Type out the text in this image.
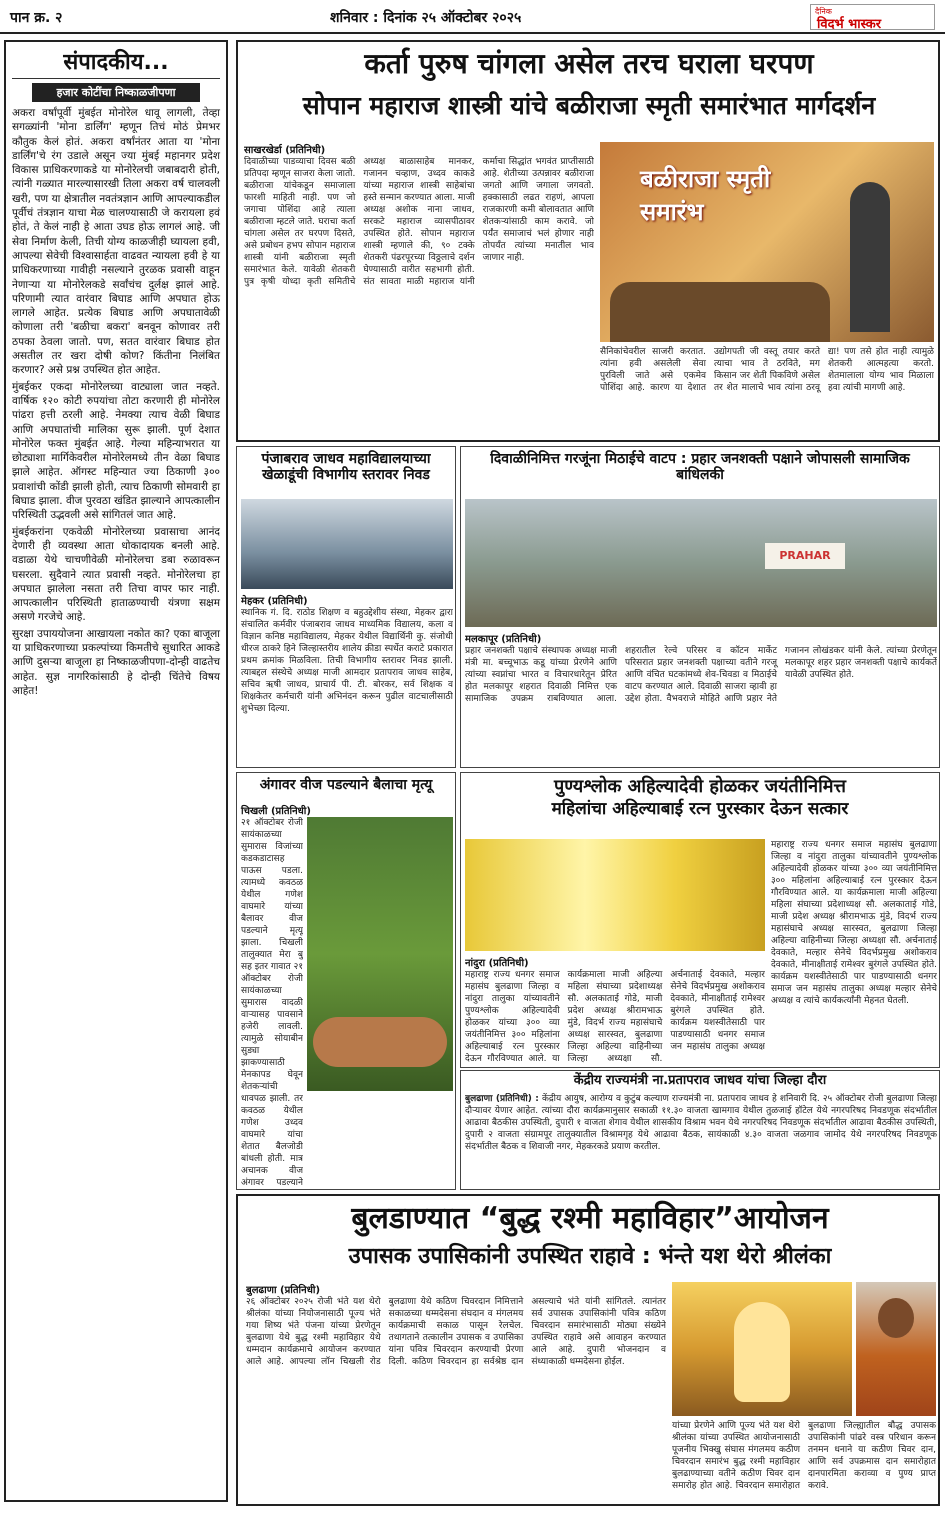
पान क्र. २	शनिवार : दिनांक २५ ऑक्टोबर २०२५	दैनिक
विदर्भ भास्कर
संपादकीय...
हजार कोटींचा निष्काळजीपणा

अकरा वर्षांपूर्वी मुंबईत मोनोरेल धावू लागली, तेव्हा सगळ्यांनी 'मोना डार्लिंग' म्हणून तिचं मोठं प्रेमभर कौतुक केलं होतं. अकरा वर्षांनंतर आता या 'मोना डार्लिंग'चे रंग उडाले असून ज्या मुंबई महानगर प्रदेश विकास प्राधिकरणाकडे या मोनोरेलची जबाबदारी होती, त्यांनी गळ्यात मारल्यासारखी तिला अकरा वर्ष चालवली खरी, पण या क्षेत्रातील नवतंत्रज्ञान आणि आपल्याकडील पूर्वीचं तंत्रज्ञान याचा मेळ चालण्यासाठी जे करायला हवं होतं, ते केलं नाही हे आता उघड होऊ लागलं आहे. जी सेवा निर्माण केली, तिची योग्य काळजीही घ्यायला हवी, आपल्या सेवेची विश्वासार्हता वाढवत न्यायला हवी हे या प्राधिकरणाच्या गावीही नसल्याने तुरळक प्रवासी वाहून नेणाऱ्या या मोनोरेलकडे सर्वांचंच दुर्लक्ष झालं आहे. परिणामी त्यात वारंवार बिघाड आणि अपघात होऊ लागले आहेत. प्रत्येक बिघाड आणि अपघातावेळी कोणाला तरी 'बळीचा बकरा' बनवून कोणावर तरी ठपका ठेवला जातो. पण, सतत वारंवार बिघाड होत असतील तर खरा दोषी कोण? किंतीना निलंबित करणार? असे प्रश्न उपस्थित होत आहेत.

मुंबईकर एकदा मोनोरेलच्या वाट्याला जात नव्हते. वार्षिक १२० कोटी रुपयांचा तोटा करणारी ही मोनोरेल पांढरा हत्ती ठरली आहे. नेमक्या त्याच वेळी बिघाड आणि अपघातांची मालिका सुरू झाली. पूर्ण देशात मोनोरेल फक्त मुंबईत आहे. गेल्या महिन्याभरात या छोट्याशा मार्गिकेवरील मोनोरेलमध्ये तीन वेळा बिघाड झाले आहेत. ऑगस्ट महिन्यात ज्या ठिकाणी ३०० प्रवाशांची कोंडी झाली होती, त्याच ठिकाणी सोमवारी हा बिघाड झाला. वीज पुरवठा खंडित झाल्याने आपत्कालीन परिस्थिती उद्भवली असे सांगितलं जात आहे.

मुंबईकरांना एकवेळी मोनोरेलच्या प्रवासाचा आनंद देणारी ही व्यवस्था आता धोकादायक बनली आहे. वडाळा येथे चाचणीवेळी मोनोरेलचा डबा रुळावरून घसरला. सुदैवाने त्यात प्रवासी नव्हते. मोनोरेलचा हा अपघात झालेला नसता तरी तिचा वापर फार नाही. आपत्कालीन परिस्थिती हाताळण्याची यंत्रणा सक्षम असणे गरजेचे आहे.

सुरक्षा उपाययोजना आखायला नकोत का? एका बाजूला या प्राधिकरणाच्या प्रकल्पांच्या किमतीचे सुधारित आकडे आणि दुसऱ्या बाजूला हा निष्काळजीपणा-दोन्ही वाढतेच आहेत. सुज्ञ नागरिकांसाठी हे दोन्ही चिंतेचे विषय आहेत!

कर्ता पुरुष चांगला असेल तरच घराला घरपण
सोपान महाराज शास्त्री यांचे बळीराजा स्मृती समारंभात मार्गदर्शन
साखरखेर्डा (प्रतिनिधी)
दिवाळीच्या पाडव्याचा दिवस बळी प्रतिपदा म्हणून साजरा केला जातो. बळीराजा यांचेकडून समाजाला फारशी माहिती नाही. पण जो जगाचा पोशिंदा आहे त्याला बळीराजा म्हटले जाते. घराचा कर्ता चांगला असेल तर घरपण दिसते, असे प्रबोधन हभप सोपान महाराज शास्त्री यांनी बळीराजा स्मृती समारंभात केले. यावेळी शेतकरी पुत्र कृषी योध्दा कृती समितीचे अध्यक्ष बाळासाहेब मानकर, गजानन चव्हाण, उध्दव काकडे यांच्या महाराज शास्त्री साहेबांचा हस्ते सन्मान करण्यात आला. माजी अध्यक्ष अशोक नाना जाधव, सरकटे महाराज व्यासपीठावर उपस्थित होते. सोपान महाराज शास्त्री म्हणाले की, ९० टक्के शेतकरी पंढरपूरच्या विठ्ठलाचे दर्शन घेण्यासाठी वारीत सहभागी होती. संत सावता माळी महाराज यांनी कर्माचा सिद्धांत भगवंत प्राप्तीसाठी आहे. शेतीच्या उत्पन्नावर बळीराजा जगतो आणि जगाला जगवतो. हक्कासाठी लढत राहणं, आपला राजकारणी कमी बोलावतात आणि शेतकऱ्यांसाठी काम करावे. जो पर्यंत समाजाचं भलं होणार नाही तोपर्यंत त्यांच्या मनातील भाव जाणार नाही.
बळीराजा स्मृती समारंभ
सैनिकांचेवरील साजरी करतात. त्यांना हवी असलेली सेवा पुरविली जाते असे एकमेव पोशिंदा आहे. कारण या देशात उद्योगपती जी वस्तू तयार करते त्याचा भाव ते ठरविते, मग किसान जर शेती पिकविणे असेल तर शेत मालाचे भाव त्यांना ठरवू द्या! पण तसे होत नाही त्यामुळे शेतकरी आत्महत्या करतो. शेतमालाला योग्य भाव मिळाला हवा त्यांची मागणी आहे.
पंजाबराव जाधव महाविद्यालयाच्या खेळाडूंची विभागीय स्तरावर निवड
मेहकर (प्रतिनिधी)
स्थानिक गं. दि. राठोड शिक्षण व बहुउद्देशीय संस्था, मेहकर द्वारा संचालित कर्मवीर पंजाबराव जाधव माध्यमिक विद्यालय, कला व विज्ञान कनिष्ठ महाविद्यालय, मेहकर येथील विद्यार्थिनी कु. संजोधी धीरज ठाकरे हिने जिल्हास्तरीय शालेय क्रीडा स्पर्धेत कराटे प्रकारात प्रथम क्रमांक मिळविला. तिची विभागीय स्तरावर निवड झाली. त्याबद्दल संस्थेचे अध्यक्ष माजी आमदार प्रतापराव जाधव साहेब, सचिव ऋषी जाधव, प्राचार्य पी. टी. बोरकर, सर्व शिक्षक व शिक्षकेतर कर्मचारी यांनी अभिनंदन करून पुढील वाटचालीसाठी शुभेच्छा दिल्या.
दिवाळीनिमित्त गरजूंना मिठाईचे वाटप : प्रहार जनशक्ती पक्षाने जोपासली सामाजिक बांधिलकी
PRAHAR
मलकापूर (प्रतिनिधी)
प्रहार जनशक्ती पक्षाचे संस्थापक अध्यक्ष माजी मंत्री मा. बच्चूभाऊ कडू यांच्या प्रेरणेने आणि त्यांच्या स्वप्नांचा भारत व विचारधारेतून प्रेरित होत मलकापूर शहरात दिवाळी निमित्त एक सामाजिक उपक्रम राबविण्यात आला. शहरातील रेल्वे परिसर व कॉटन मार्केट परिसरात प्रहार जनशक्ती पक्षाच्या वतीने गरजू आणि वंचित घटकांमध्ये शेव-चिवडा व मिठाईचे वाटप करण्यात आले. दिवाळी साजरा व्हावी हा उद्देश होता. वैभवराजे मोहिते आणि प्रहार नेते गजानन लोखंडकर यांनी केले. त्यांच्या प्रेरणेतून मलकापूर शहर प्रहार जनशक्ती पक्षाचे कार्यकर्ते यावेळी उपस्थित होते.
अंगावर वीज पडल्याने बैलाचा मृत्यू
चिखली (प्रतिनिधी)
२१ ऑक्टोबर रोजी सायंकाळच्या सुमारास विजांच्या कडकडाटासह पाऊस पडला. त्यामध्ये कवठळ येथील गणेश वाघमारे यांच्या बैलावर वीज पडल्याने मृत्यू झाला. चिखली तालुक्यात मेरा बु सह इतर गावात २१ ऑक्टोबर रोजी सायंकाळच्या सुमारास वादळी वाऱ्यासह पावसाने हजेरी लावली. त्यामुळे सोयाबीन सुड्या झाकण्यासाठी मेनकापड घेवून शेतकऱ्यांची धावपळ झाली. तर कवठळ येथील गणेश उध्दव वाघमारे यांचा शेतात बैलजोडी बांधली होती. मात्र अचानक वीज अंगावर पडल्याने
पुण्यश्लोक अहिल्यादेवी होळकर जयंतीनिमित्त
महिलांचा अहिल्याबाई रत्न पुरस्कार देऊन सत्कार
नांदुरा (प्रतिनिधी)
महाराष्ट्र राज्य धनगर समाज महासंघ बुलढाणा जिल्हा व नांदुरा तालुका यांच्यावतीने पुण्यश्लोक अहिल्यादेवी होळकर यांच्या ३०० व्या जयंतीनिमित्त ३०० महिलांना अहिल्याबाई रत्न पुरस्कार देऊन गौरविण्यात आले. या कार्यक्रमाला माजी अहिल्या महिला संघाच्या प्रदेशाध्यक्ष सौ. अलकाताई गोडे, माजी प्रदेश अध्यक्ष श्रीरामभाऊ मुंडे, विदर्भ राज्य महासंघाचे अध्यक्ष सारस्वत, बुलढाणा जिल्हा अहिल्या वाहिनीच्या जिल्हा अध्यक्षा सौ. अर्चनाताई देवकाते, मल्हार सेनेचे विदर्भप्रमुख अशोकराव देवकाते, मीनाक्षीताई रामेश्वर बुरंगले उपस्थित होते. कार्यक्रम यशस्वीतेसाठी पार पाडण्यासाठी धनगर समाज जन महासंघ तालुका अध्यक्ष
महाराष्ट्र राज्य धनगर समाज महासंघ बुलढाणा जिल्हा व नांदुरा तालुका यांच्यावतीने पुण्यश्लोक अहिल्यादेवी होळकर यांच्या ३०० व्या जयंतीनिमित्त ३०० महिलांना अहिल्याबाई रत्न पुरस्कार देऊन गौरविण्यात आले. या कार्यक्रमाला माजी अहिल्या महिला संघाच्या प्रदेशाध्यक्ष सौ. अलकाताई गोडे, माजी प्रदेश अध्यक्ष श्रीरामभाऊ मुंडे, विदर्भ राज्य महासंघाचे अध्यक्ष सारस्वत, बुलढाणा जिल्हा अहिल्या वाहिनीच्या जिल्हा अध्यक्षा सौ. अर्चनाताई देवकाते, मल्हार सेनेचे विदर्भप्रमुख अशोकराव देवकाते, मीनाक्षीताई रामेश्वर बुरंगले उपस्थित होते. कार्यक्रम यशस्वीतेसाठी पार पाडण्यासाठी धनगर समाज जन महासंघ तालुका अध्यक्ष मल्हार सेनेचे अध्यक्ष व त्यांचे कार्यकर्त्यांनी मेहनत घेतली.
केंद्रीय राज्यमंत्री ना.प्रतापराव जाधव यांचा जिल्हा दौरा
बुलढाणा (प्रतिनिधी) : केंद्रीय आयुष, आरोग्य व कुटुंब कल्याण राज्यमंत्री ना. प्रतापराव जाधव हे शनिवारी दि. २५ ऑक्टोबर रोजी बुलढाणा जिल्हा दौऱ्यावर येणार आहेत. त्यांच्या दौरा कार्यक्रमानुसार सकाळी ११.३० वाजता खामगाव येथील तुळजाई हॉटेल येथे नगरपरिषद निवडणूक संदर्भातील आढावा बैठकीस उपस्थिती, दुपारी १ वाजता शेगाव येथील शासकीय विश्राम भवन येथे नगरपरिषद निवडणूक संदर्भातील आढावा बैठकीस उपस्थिती, दुपारी २ वाजता संग्रामपूर तालुक्यातील विश्रामगृह येथे आढावा बैठक, सायंकाळी ४.३० वाजता जळगाव जामोद येथे नगरपरिषद निवडणूक संदर्भातील बैठक व शिवाजी नगर, मेहकरकडे प्रयाण करतील.
बुलडाण्यात “बुद्ध रश्मी महाविहार”आयोजन
उपासक उपासिकांनी उपस्थित राहावे : भंन्ते यश थेरो श्रीलंका
बुलढाणा (प्रतिनिधी)
२६ ऑक्टोबर २०२५ रोजी भंते यश थेरो श्रीलंका यांच्या नियोजनासाठी पूज्य भंते गया शिष्य भंते पंजना यांच्या प्रेरणेतून बुलढाणा येथे बुद्ध रश्मी महाविहार येथे धम्मदान कार्यक्रमाचे आयोजन करण्यात आले आहे. आपल्या लॉन चिखली रोड बुलढाणा येथे कठिण चिवरदान निमित्ताने सकाळच्या धम्मदेसना संघदान व मंगलमय कार्यक्रमाची सकाळ पासून रेलचेल. तथागताने तत्कालीन उपासक व उपासिका यांना पवित्र चिवरदान करण्याची प्रेरणा दिली. कठिण चिवरदान हा सर्वश्रेष्ठ दान असल्याचे भंते यांनी सांगितले. त्यानंतर सर्व उपासक उपासिकांनी पवित्र कठिण चिवरदान समारंभासाठी मोठ्या संख्येने उपस्थित राहावे असे आवाहन करण्यात आले आहे. दुपारी भोजनदान व संध्याकाळी धम्मदेसना होईल.
यांच्या प्रेरणेने आणि पूज्य भंते यश थेरो श्रीलंका यांच्या उपस्थित आयोजनासाठी पूजनीय भिक्खु संघास मंगलमय कठीण चिवरदान समारंभ बुद्ध रश्मी महाविहार बुलढाण्याच्या वतीने कठीण चिवर दान समारोह होत आहे. चिवरदान समारोहात बुलढाणा जिल्ह्यातील बौद्ध उपासक उपासिकांनी पांढरे वस्त्र परिधान करून तनमन धनाने या कठीण चिवर दान, आणि सर्व उपक्रमास दान समारोहात दानपारमिता कराव्या व पुण्य प्राप्त करावे.
